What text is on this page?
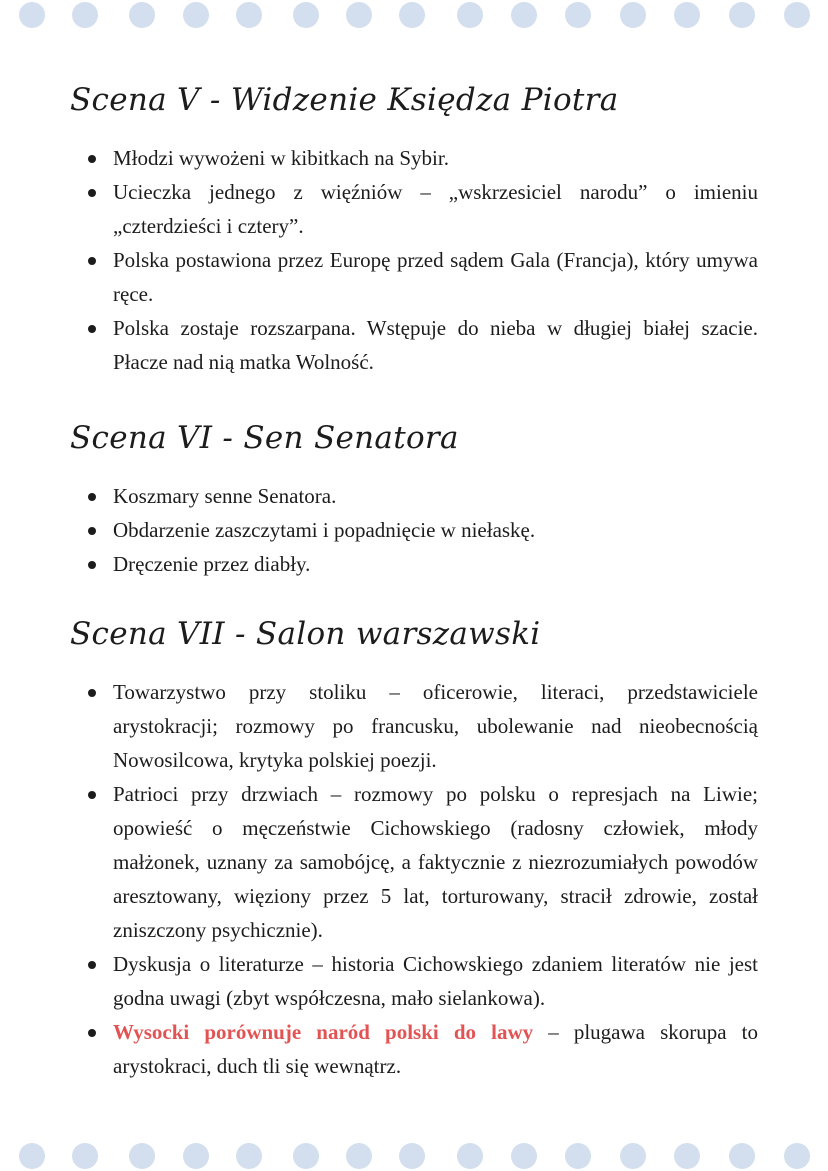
Scena V - Widzenie Księdza Piotra
Młodzi wywożeni w kibitkach na Sybir.
Ucieczka jednego z więźniów – „wskrzesiciel narodu” o imieniu „czterdzieści i cztery”.
Polska postawiona przez Europę przed sądem Gala (Francja), który umywa ręce.
Polska zostaje rozszarpana. Wstępuje do nieba w długiej białej szacie. Płacze nad nią matka Wolność.
Scena VI - Sen Senatora
Koszmary senne Senatora.
Obdarzenie zaszczytami i popadnięcie w niełaskę.
Dręczenie przez diabły.
Scena VII - Salon warszawski
Towarzystwo przy stoliku – oficerowie, literaci, przedstawiciele arystokracji; rozmowy po francusku, ubolewanie nad nieobecnością Nowosilcowa, krytyka polskiej poezji.
Patrioci przy drzwiach – rozmowy po polsku o represjach na Liwie; opowieść o męczeństwie Cichowskiego (radosny człowiek, młody małżonek, uznany za samobójcę, a faktycznie z niezrozumiałych powodów aresztowany, więziony przez 5 lat, torturowany, stracił zdrowie, został zniszczony psychicznie).
Dyskusja o literaturze – historia Cichowskiego zdaniem literatów nie jest godna uwagi (zbyt współczesna, mało sielankowa).
Wysocki porównuje naród polski do lawy – plugawa skorupa to arystokraci, duch tli się wewnątrz.
